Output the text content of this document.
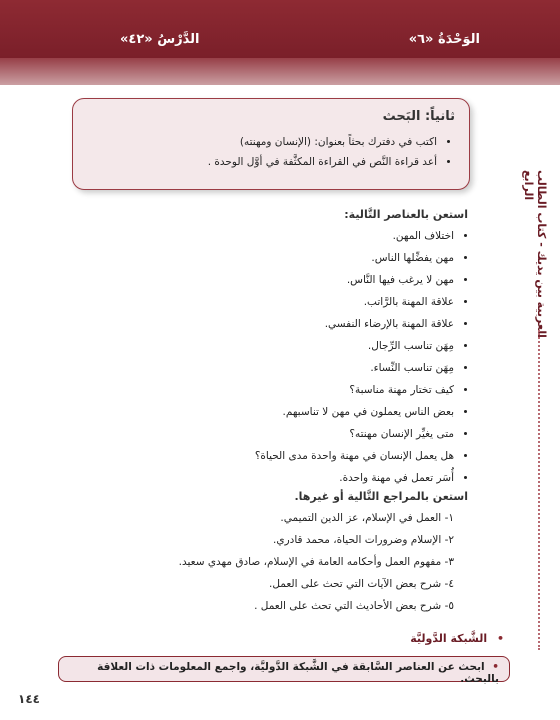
الوَحْدَةُ «٦»
الدَّرْسُ «٤٢»
العربية بين يديك - كتاب الطالب الرابع
ثانياً: البَحث
• اكتب في دفترك بحثاً بعنوان: (الإنسان ومهنته)
• أعد قراءة النَّص في القراءة المكثَّفة في أوَّل الوحدة .
استعن بالعناصر التَّالية:
• اختلاف المهن.
• مهن يفضِّلها الناس.
• مهن لا يرغب فيها النَّاس.
• علاقة المهنة بالرَّاتب.
• علاقة المهنة بالإرضاء النفسي.
• مِهَن تناسب الرِّجال.
• مِهَن تناسب النِّساء.
• كيف تختار مهنة مناسبة؟
• بعض الناس يعملون في مهن لا تناسبهم.
• متى يغيِّر الإنسان مهنته؟
• هل يعمل الإنسان في مهنة واحدة مدى الحياة؟
• أُسَر تعمل في مهنة واحدة.
استعن بالمراجع التَّالية أو غيرها.
١- العمل في الإسلام، عز الدين التميمي.
٢- الإسلام وضرورات الحياة، محمد قادري.
٣- مفهوم العمل وأحكامه العامة في الإسلام، صادق مهدي سعيد.
٤- شرح بعض الآيات التي تحث على العمل.
٥- شرح بعض الأحاديث التي تحث على العمل .
• الشَّبكة الدَّوليَّة
• ابحث عن العناصر السَّابقة في الشَّبكة الدَّوليَّة، واجمع المعلومات ذات العلاقة بالبحث.
١٤٤
